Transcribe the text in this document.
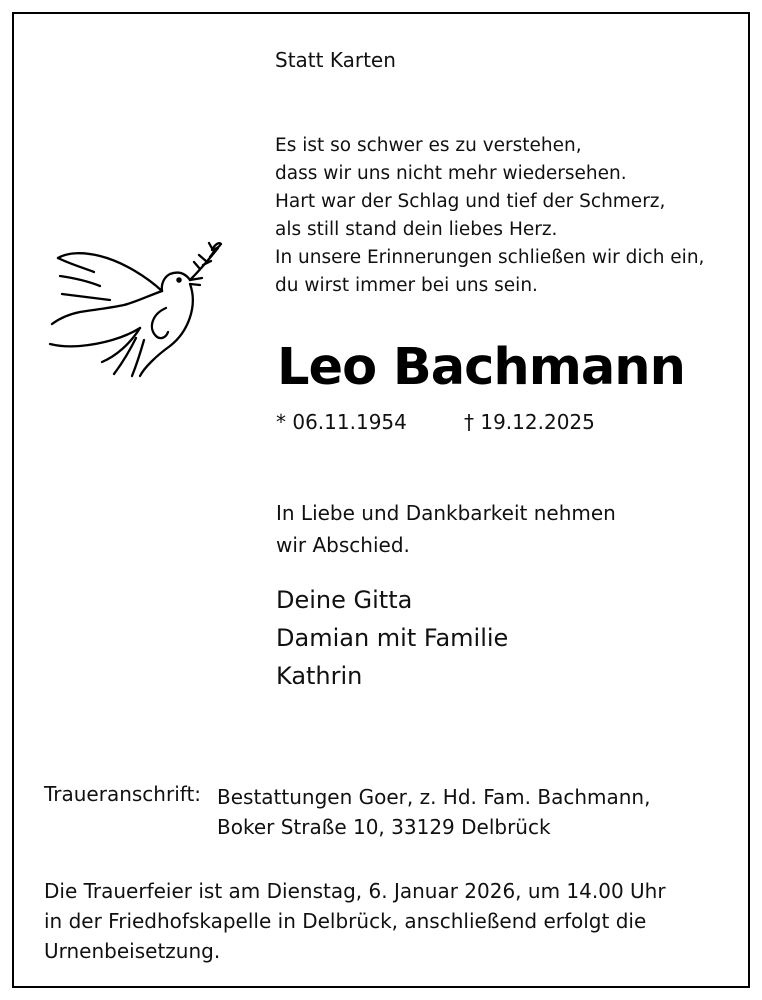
Statt Karten
Es ist so schwer es zu verstehen,
dass wir uns nicht mehr wiedersehen.
Hart war der Schlag und tief der Schmerz,
als still stand dein liebes Herz.
In unsere Erinnerungen schließen wir dich ein,
du wirst immer bei uns sein.
Leo Bachmann
* 06.11.1954	† 19.12.2025
In Liebe und Dankbarkeit nehmen
wir Abschied.
Deine Gitta
Damian mit Familie
Kathrin
Traueranschrift: Bestattungen Goer, z. Hd. Fam. Bachmann,
Boker Straße 10, 33129 Delbrück
Die Trauerfeier ist am Dienstag, 6. Januar 2026, um 14.00 Uhr
in der Friedhofskapelle in Delbrück, anschließend erfolgt die
Urnenbeisetzung.
